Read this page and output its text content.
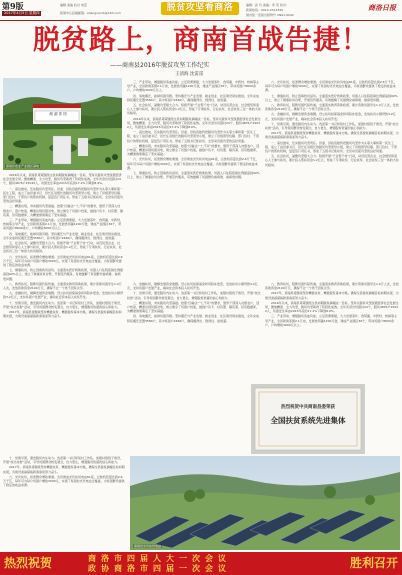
第9版
2017年4月5日 星期四
编辑 美编 校对 电话
新闻中心投稿邮箱：shangnanrb@163.com	脱贫攻坚看商洛	编辑：孙 玲 美编：李 英 校对：
新闻热线：0914-2312345
国内统一连续出版物号 CN61-0042
商洛日报
脱贫路上，商南首战告捷！
——商南县2016年脱贫攻坚工作纪实
王清海 沈雷雷
湘 湖 茶 园
商南县农业产业园区基地

2016年以来，商南县紧紧围绕全县如期脱贫摘帽这一目标，坚持以脱贫攻坚统揽经济社会发展全局，聚焦精准、全力攻坚，脱贫攻坚取得了阶段性成效。全年共退出贫困村24个，脱贫4876户15032人，贫困发生率由2015年底的17.2%下降到8.9%。

一、高位推动，压实脱贫攻坚责任。县委、县政府始终把脱贫攻坚作为头等大事和第一民生工程，成立了由县委书记、县长任双组长的脱贫攻坚领导小组，建立了县级领导包镇、部门包村、干部包户的帮扶机制，层层签订责任书，形成了五级书记抓扶贫、全党动员促攻坚的良好局面。

二、精准识别，夯实脱贫攻坚基础。按照“四看法”“七不评”的要求，组织干部深入村组农户，逐户核查，精准识别贫困对象，建立健全了贫困户档案，做到户有卡、村有册、镇有簿、县有数据库，为精准施策奠定了坚实基础。

三、产业带动，增强脱贫造血功能。立足资源禀赋，大力发展茶叶、食用菌、中药材、核桃等主导产业，全县新建茶园2.1万亩，发展食用菌1200万袋，建成产业园区36个，带动贫困户8600余户，户均增收3000元以上。

四、易地搬迁，拔掉贫困穷根。坚持搬迁与产业发展、就业创业、社区建设同步推进，全年完成移民搬迁安置3580户，其中贫困户2460户，确保搬得出、稳得住、能致富。

五、社会扶贫，凝聚攻坚强大合力。积极开展“千企帮千村”行动，动员民营企业、社会组织和爱心人士参与扶贫，累计投入帮扶资金1.2亿元，形成了专项扶贫、行业扶贫、社会扶贫三位一体的大扶贫格局。

六、光伏扶贫，拓宽群众增收渠道。全县建成光伏扶贫电站61座，总装机容量达到2.6万千瓦，每年可为每户贫困户增收3000元，实现了贫困村光伏电站全覆盖，为贫困群众提供了稳定的收益来源。

七、健康扶贫，防止因病致贫返贫。全面落实医疗救助政策，贫困人口住院报销比例提高到90%以上，建立了健康扶贫台账，开展签约服务，有效缓解了贫困群众看病难、看病贵问题。

八、教育扶贫，阻断贫困代际传递。全面落实教育资助政策，累计资助贫困学生1.2万人次，发放资助资金2100万元，确保不让一个孩子因贫失学。

九、金融扶贫，破解发展资金难题。设立扶贫担保基金和风险补偿金，发放扶贫小额贷款3.2亿元，支持贫困户发展产业，撬动社会资本投入扶贫开发。

十、党建引领，激发脱贫内生动力。选派第一书记和驻村工作队，加强村级班子建设，开展“扶志扶智”活动，引导贫困群众转变观念，自力更生，增强脱贫致富的信心和能力。

2017年，商南县将继续坚持精准扶贫、精准脱贫基本方略，确保全县脱贫摘帽目标如期实现，为建设美丽富裕新商南而努力奋斗。

三、产业带动，增强脱贫造血功能。立足资源禀赋，大力发展茶叶、食用菌、中药材、核桃等主导产业，全县新建茶园2.1万亩，发展食用菌1200万袋，建成产业园区36个，带动贫困户8600余户，户均增收3000元以上。

四、易地搬迁，拔掉贫困穷根。坚持搬迁与产业发展、就业创业、社区建设同步推进，全年完成移民搬迁安置3580户，其中贫困户2460户，确保搬得出、稳得住、能致富。

五、社会扶贫，凝聚攻坚强大合力。积极开展“千企帮千村”行动，动员民营企业、社会组织和爱心人士参与扶贫，累计投入帮扶资金1.2亿元，形成了专项扶贫、行业扶贫、社会扶贫三位一体的大扶贫格局。

2016年以来，商南县紧紧围绕全县如期脱贫摘帽这一目标，坚持以脱贫攻坚统揽经济社会发展全局，聚焦精准、全力攻坚，脱贫攻坚取得了阶段性成效。全年共退出贫困村24个，脱贫4876户15032人，贫困发生率由2015年底的17.2%下降到8.9%。

一、高位推动，压实脱贫攻坚责任。县委、县政府始终把脱贫攻坚作为头等大事和第一民生工程，成立了由县委书记、县长任双组长的脱贫攻坚领导小组，建立了县级领导包镇、部门包村、干部包户的帮扶机制，层层签订责任书，形成了五级书记抓扶贫、全党动员促攻坚的良好局面。

二、精准识别，夯实脱贫攻坚基础。按照“四看法”“七不评”的要求，组织干部深入村组农户，逐户核查，精准识别贫困对象，建立健全了贫困户档案，做到户有卡、村有册、镇有簿、县有数据库，为精准施策奠定了坚实基础。

六、光伏扶贫，拓宽群众增收渠道。全县建成光伏扶贫电站61座，总装机容量达到2.6万千瓦，每年可为每户贫困户增收3000元，实现了贫困村光伏电站全覆盖，为贫困群众提供了稳定的收益来源。

七、健康扶贫，防止因病致贫返贫。全面落实医疗救助政策，贫困人口住院报销比例提高到90%以上，建立了健康扶贫台账，开展签约服务，有效缓解了贫困群众看病难、看病贵问题。

六、光伏扶贫，拓宽群众增收渠道。全县建成光伏扶贫电站61座，总装机容量达到2.6万千瓦，每年可为每户贫困户增收3000元，实现了贫困村光伏电站全覆盖，为贫困群众提供了稳定的收益来源。

七、健康扶贫，防止因病致贫返贫。全面落实医疗救助政策，贫困人口住院报销比例提高到90%以上，建立了健康扶贫台账，开展签约服务，有效缓解了贫困群众看病难、看病贵问题。

八、教育扶贫，阻断贫困代际传递。全面落实教育资助政策，累计资助贫困学生1.2万人次，发放资助资金2100万元，确保不让一个孩子因贫失学。

九、金融扶贫，破解发展资金难题。设立扶贫担保基金和风险补偿金，发放扶贫小额贷款3.2亿元，支持贫困户发展产业，撬动社会资本投入扶贫开发。

十、党建引领，激发脱贫内生动力。选派第一书记和驻村工作队，加强村级班子建设，开展“扶志扶智”活动，引导贫困群众转变观念，自力更生，增强脱贫致富的信心和能力。

2017年，商南县将继续坚持精准扶贫、精准脱贫基本方略，确保全县脱贫摘帽目标如期实现，为建设美丽富裕新商南而努力奋斗。

一、高位推动，压实脱贫攻坚责任。县委、县政府始终把脱贫攻坚作为头等大事和第一民生工程，成立了由县委书记、县长任双组长的脱贫攻坚领导小组，建立了县级领导包镇、部门包村、干部包户的帮扶机制，层层签订责任书，形成了五级书记抓扶贫、全党动员促攻坚的良好局面。

五、社会扶贫，凝聚攻坚强大合力。积极开展“千企帮千村”行动，动员民营企业、社会组织和爱心人士参与扶贫，累计投入帮扶资金1.2亿元，形成了专项扶贫、行业扶贫、社会扶贫三位一体的大扶贫格局。

九、金融扶贫，破解发展资金难题。设立扶贫担保基金和风险补偿金，发放扶贫小额贷款3.2亿元，支持贫困户发展产业，撬动社会资本投入扶贫开发。

十、党建引领，激发脱贫内生动力。选派第一书记和驻村工作队，加强村级班子建设，开展“扶志扶智”活动，引导贫困群众转变观念，自力更生，增强脱贫致富的信心和能力。

二、精准识别，夯实脱贫攻坚基础。按照“四看法”“七不评”的要求，组织干部深入村组农户，逐户核查，精准识别贫困对象，建立健全了贫困户档案，做到户有卡、村有册、镇有簿、县有数据库，为精准施策奠定了坚实基础。

四、易地搬迁，拔掉贫困穷根。坚持搬迁与产业发展、就业创业、社区建设同步推进，全年完成移民搬迁安置3580户，其中贫困户2460户，确保搬得出、稳得住、能致富。

八、教育扶贫，阻断贫困代际传递。全面落实教育资助政策，累计资助贫困学生1.2万人次，发放资助资金2100万元，确保不让一个孩子因贫失学。

2017年，商南县将继续坚持精准扶贫、精准脱贫基本方略，确保全县脱贫摘帽目标如期实现，为建设美丽富裕新商南而努力奋斗。

2016年以来，商南县紧紧围绕全县如期脱贫摘帽这一目标，坚持以脱贫攻坚统揽经济社会发展全局，聚焦精准、全力攻坚，脱贫攻坚取得了阶段性成效。全年共退出贫困村24个，脱贫4876户15032人，贫困发生率由2015年底的17.2%下降到8.9%。

三、产业带动，增强脱贫造血功能。立足资源禀赋，大力发展茶叶、食用菌、中药材、核桃等主导产业，全县新建茶园2.1万亩，发展食用菌1200万袋，建成产业园区36个，带动贫困户8600余户，户均增收3000元以上。

热烈祝贺中共商南县委荣获
全国扶贫系统先进集体
商南县光伏扶贫电站

十、党建引领，激发脱贫内生动力。选派第一书记和驻村工作队，加强村级班子建设，开展“扶志扶智”活动，引导贫困群众转变观念，自力更生，增强脱贫致富的信心和能力。

2017年，商南县将继续坚持精准扶贫、精准脱贫基本方略，确保全县脱贫摘帽目标如期实现，为建设美丽富裕新商南而努力奋斗。

六、光伏扶贫，拓宽群众增收渠道。全县建成光伏扶贫电站61座，总装机容量达到2.6万千瓦，每年可为每户贫困户增收3000元，实现了贫困村光伏电站全覆盖，为贫困群众提供了稳定的收益来源。

热烈祝贺	商洛市四届人大一次会议
政协商洛市四届一次会议	胜利召开
